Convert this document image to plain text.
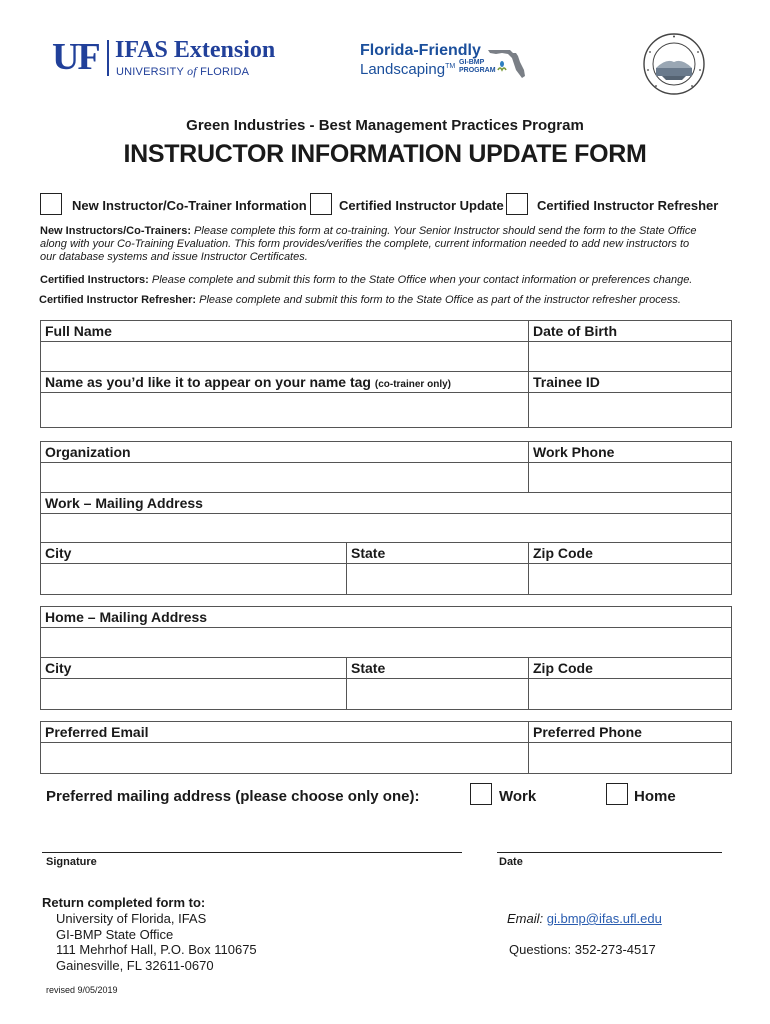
UF IFAS Extension
UNIVERSITY of FLORIDA
Florida-Friendly
Landscaping™
GI-BMP
PROGRAM
Green Industries - Best Management Practices Program
INSTRUCTOR INFORMATION UPDATE FORM
New Instructor/Co-Trainer Information Certified Instructor Update	Certified Instructor Refresher
New Instructors/Co-Trainers: Please complete this form at co-training. Your Senior Instructor should send the form to the State Office
along with your Co-Training Evaluation. This form provides/verifies the complete, current information needed to add new instructors to
our database systems and issue Instructor Certificates.
Certified Instructors: Please complete and submit this form to the State Office when your contact information or preferences change.
Certified Instructor Refresher: Please complete and submit this form to the State Office as part of the instructor refresher process.
Full Name	Date of Birth

Name as you’d like it to appear on your name tag (co-trainer only)	Trainee ID

Organization		Work Phone

Work – Mailing Address		

City	State	Zip Code

Home – Mailing Address		

City	State	Zip Code

Preferred Email	Preferred Phone

Preferred mailing address (please choose only one):	Work	Home
Signature	Date
Return completed form to:
University of Florida, IFAS
GI-BMP State Office
111 Mehrhof Hall, P.O. Box 110675
Gainesville, FL 32611-0670
Email: gi.bmp@ifas.ufl.edu
Questions: 352-273-4517
revised 9/05/2019
